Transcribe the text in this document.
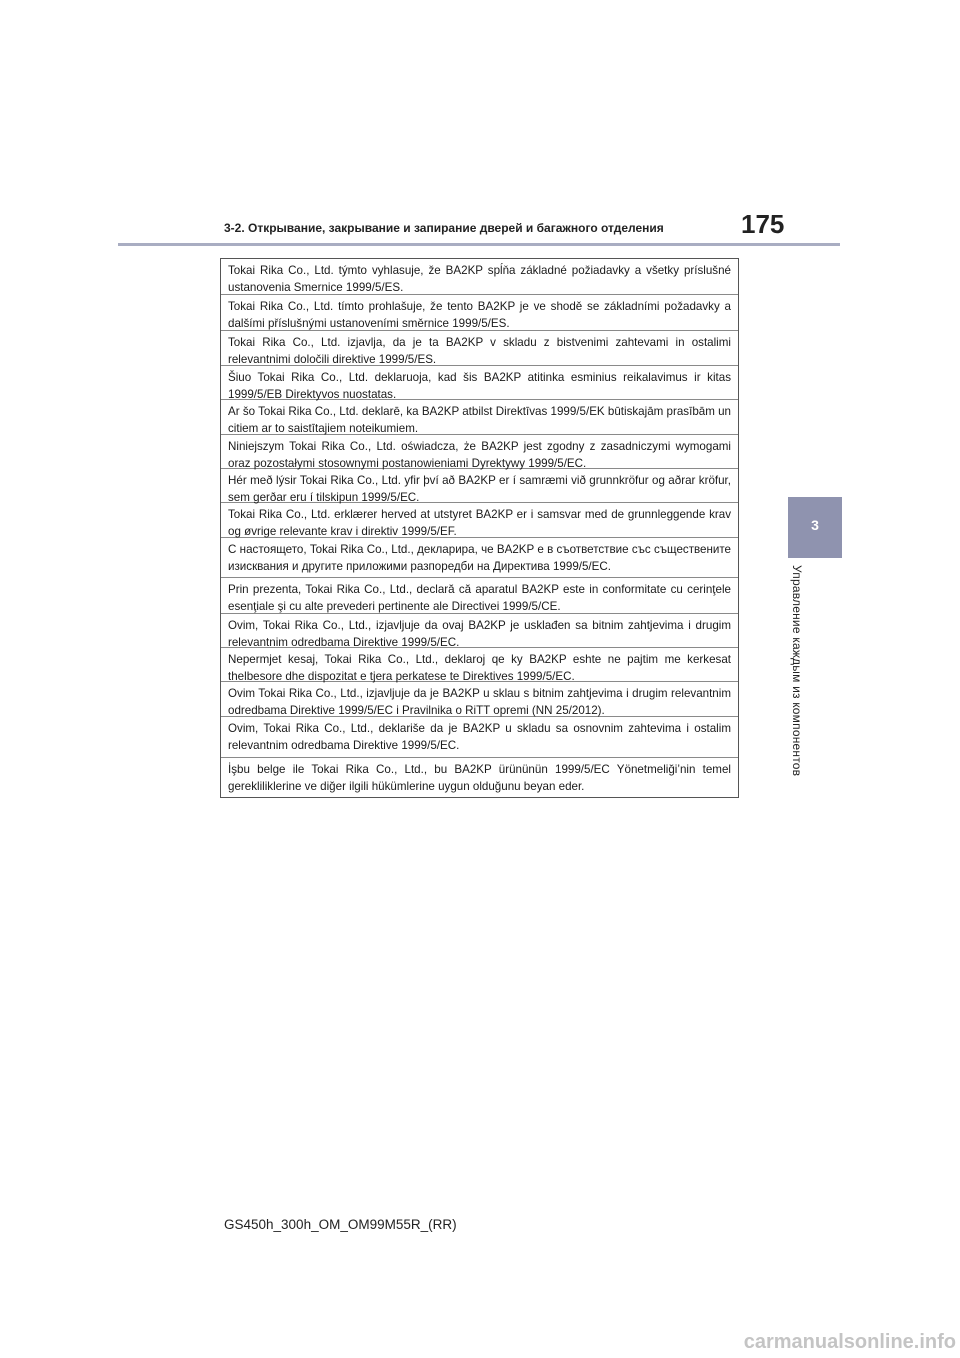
3-2. Открывание, закрывание и запирание дверей и багажного отделения	175
3
Управление каждым из компонентов
Tokai Rika Co., Ltd. týmto vyhlasuje, že BA2KP spĺňa základné požiadavky a všetky príslušné ustanovenia Smernice 1999/5/ES.
Tokai Rika Co., Ltd. tímto prohlašuje, že tento BA2KP je ve shodě se základními požadavky a dalšími příslušnými ustanoveními směrnice 1999/5/ES.
Tokai Rika Co., Ltd. izjavlja, da je ta BA2KP v skladu z bistvenimi zahtevami in ostalimi relevantnimi določili direktive 1999/5/ES.
Šiuo Tokai Rika Co., Ltd. deklaruoja, kad šis BA2KP atitinka esminius reikalavimus ir kitas 1999/5/EB Direktyvos nuostatas.
Ar šo Tokai Rika Co., Ltd. deklarē, ka BA2KP atbilst Direktīvas 1999/5/EK būtiskajām prasībām un citiem ar to saistītajiem noteikumiem.
Niniejszym Tokai Rika Co., Ltd. oświadcza, że BA2KP jest zgodny z zasadniczymi wymogami oraz pozostałymi stosownymi postanowieniami Dyrektywy 1999/5/EC.
Hér með lýsir Tokai Rika Co., Ltd. yfir því að BA2KP er í samræmi við grunnkröfur og aðrar kröfur, sem gerðar eru í tilskipun 1999/5/EC.
Tokai Rika Co., Ltd. erklærer herved at utstyret BA2KP er i samsvar med de grunnleggende krav og øvrige relevante krav i direktiv 1999/5/EF.
С настоящето, Tokai Rika Co., Ltd., декларира, че BA2KP е в съответствие със съществените изисквания и другите приложими разпоредби на Директива 1999/5/ЕС.
Prin prezenta, Tokai Rika Co., Ltd., declară că aparatul BA2KP este in conformitate cu cerinţele esenţiale şi cu alte prevederi pertinente ale Directivei 1999/5/CE.
Ovim, Tokai Rika Co., Ltd., izjavljuje da ovaj BA2KP je usklađen sa bitnim zahtjevima i drugim relevantnim odredbama Direktive 1999/5/EC.
Nepermjet kesaj, Tokai Rika Co., Ltd., deklaroj qe ky BA2KP eshte ne pajtim me kerkesat thelbesore dhe dispozitat e tjera perkatese te Direktives 1999/5/EC.
Ovim Tokai Rika Co., Ltd., izjavljuje da je BA2KP u sklau s bitnim zahtjevima i drugim relevantnim odredbama Direktive 1999/5/EC i Pravilnika o RiTT opremi (NN 25/2012).
Ovim, Tokai Rika Co., Ltd., deklariše da je BA2KP u skladu sa osnovnim zahtevima i ostalim relevantnim odredbama Direktive 1999/5/EC.
İşbu belge ile Tokai Rika Co., Ltd., bu BA2KP ürününün 1999/5/EC Yönetmeliği’nin temel gerekliliklerine ve diğer ilgili hükümlerine uygun olduğunu beyan eder.
GS450h_300h_OM_OM99M55R_(RR)
carmanualsonline.info
